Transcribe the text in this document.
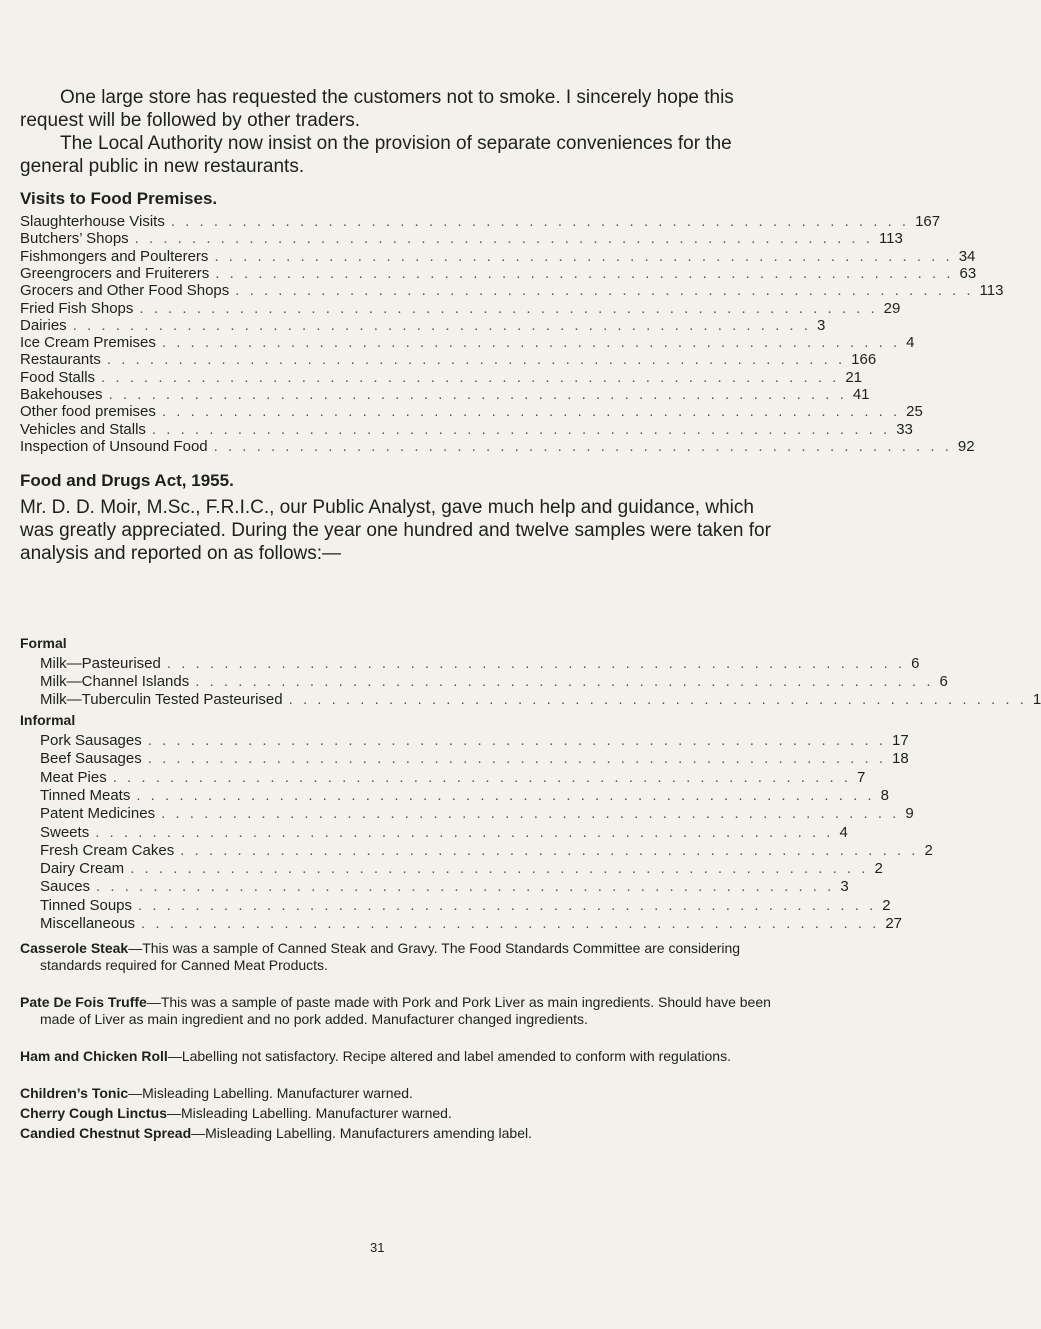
One large store has requested the customers not to smoke. I sincerely hope this request will be followed by other traders.

The Local Authority now insist on the provision of separate conveniences for the general public in new restaurants.

Visits to Food Premises.
Slaughterhouse Visits . . . . . . . . . . . . . . . . . . . . . . . . . . . . . . . . . . . . . . . . . . . . . . . . . . . . 167
Butchers’ Shops . . . . . . . . . . . . . . . . . . . . . . . . . . . . . . . . . . . . . . . . . . . . . . . . . . . . 113
Fishmongers and Poulterers . . . . . . . . . . . . . . . . . . . . . . . . . . . . . . . . . . . . . . . . . . . . . . . . . . . . 34
Greengrocers and Fruiterers . . . . . . . . . . . . . . . . . . . . . . . . . . . . . . . . . . . . . . . . . . . . . . . . . . . . 63
Grocers and Other Food Shops . . . . . . . . . . . . . . . . . . . . . . . . . . . . . . . . . . . . . . . . . . . . . . . . . . . . 113
Fried Fish Shops . . . . . . . . . . . . . . . . . . . . . . . . . . . . . . . . . . . . . . . . . . . . . . . . . . . . 29
Dairies . . . . . . . . . . . . . . . . . . . . . . . . . . . . . . . . . . . . . . . . . . . . . . . . . . . . 3
Ice Cream Premises . . . . . . . . . . . . . . . . . . . . . . . . . . . . . . . . . . . . . . . . . . . . . . . . . . . . 4
Restaurants . . . . . . . . . . . . . . . . . . . . . . . . . . . . . . . . . . . . . . . . . . . . . . . . . . . . 166
Food Stalls . . . . . . . . . . . . . . . . . . . . . . . . . . . . . . . . . . . . . . . . . . . . . . . . . . . . 21
Bakehouses . . . . . . . . . . . . . . . . . . . . . . . . . . . . . . . . . . . . . . . . . . . . . . . . . . . . 41
Other food premises . . . . . . . . . . . . . . . . . . . . . . . . . . . . . . . . . . . . . . . . . . . . . . . . . . . . 25
Vehicles and Stalls . . . . . . . . . . . . . . . . . . . . . . . . . . . . . . . . . . . . . . . . . . . . . . . . . . . . 33
Inspection of Unsound Food . . . . . . . . . . . . . . . . . . . . . . . . . . . . . . . . . . . . . . . . . . . . . . . . . . . . 92
Food and Drugs Act, 1955.
Mr. D. D. Moir, M.Sc., F.R.I.C., our Public Analyst, gave much help and guidance, which was greatly appreciated. During the year one hundred and twelve samples were taken for analysis and reported on as follows:—
Formal
Milk—Pasteurised . . . . . . . . . . . . . . . . . . . . . . . . . . . . . . . . . . . . . . . . . . . . . . . . . . . . 6
Milk—Channel Islands . . . . . . . . . . . . . . . . . . . . . . . . . . . . . . . . . . . . . . . . . . . . . . . . . . . . 6
Milk—Tuberculin Tested Pasteurised . . . . . . . . . . . . . . . . . . . . . . . . . . . . . . . . . . . . . . . . . . . . . . . . . . . . 1
Informal
Pork Sausages . . . . . . . . . . . . . . . . . . . . . . . . . . . . . . . . . . . . . . . . . . . . . . . . . . . . 17
Beef Sausages . . . . . . . . . . . . . . . . . . . . . . . . . . . . . . . . . . . . . . . . . . . . . . . . . . . . 18
Meat Pies . . . . . . . . . . . . . . . . . . . . . . . . . . . . . . . . . . . . . . . . . . . . . . . . . . . . 7
Tinned Meats . . . . . . . . . . . . . . . . . . . . . . . . . . . . . . . . . . . . . . . . . . . . . . . . . . . . 8
Patent Medicines . . . . . . . . . . . . . . . . . . . . . . . . . . . . . . . . . . . . . . . . . . . . . . . . . . . . 9
Sweets . . . . . . . . . . . . . . . . . . . . . . . . . . . . . . . . . . . . . . . . . . . . . . . . . . . . 4
Fresh Cream Cakes . . . . . . . . . . . . . . . . . . . . . . . . . . . . . . . . . . . . . . . . . . . . . . . . . . . . 2
Dairy Cream . . . . . . . . . . . . . . . . . . . . . . . . . . . . . . . . . . . . . . . . . . . . . . . . . . . . 2
Sauces . . . . . . . . . . . . . . . . . . . . . . . . . . . . . . . . . . . . . . . . . . . . . . . . . . . . 3
Tinned Soups . . . . . . . . . . . . . . . . . . . . . . . . . . . . . . . . . . . . . . . . . . . . . . . . . . . . 2
Miscellaneous . . . . . . . . . . . . . . . . . . . . . . . . . . . . . . . . . . . . . . . . . . . . . . . . . . . . 27
Casserole Steak—This was a sample of Canned Steak and Gravy. The Food Standards Committee are considering standards required for Canned Meat Products.
Pate De Fois Truffe—This was a sample of paste made with Pork and Pork Liver as main ingredients. Should have been made of Liver as main ingredient and no pork added. Manufacturer changed ingredients.
Ham and Chicken Roll—Labelling not satisfactory. Recipe altered and label amended to conform with regulations.
Children’s Tonic—Misleading Labelling. Manufacturer warned.
Cherry Cough Linctus—Misleading Labelling. Manufacturer warned.
Candied Chestnut Spread—Misleading Labelling. Manufacturers amending label.
31
